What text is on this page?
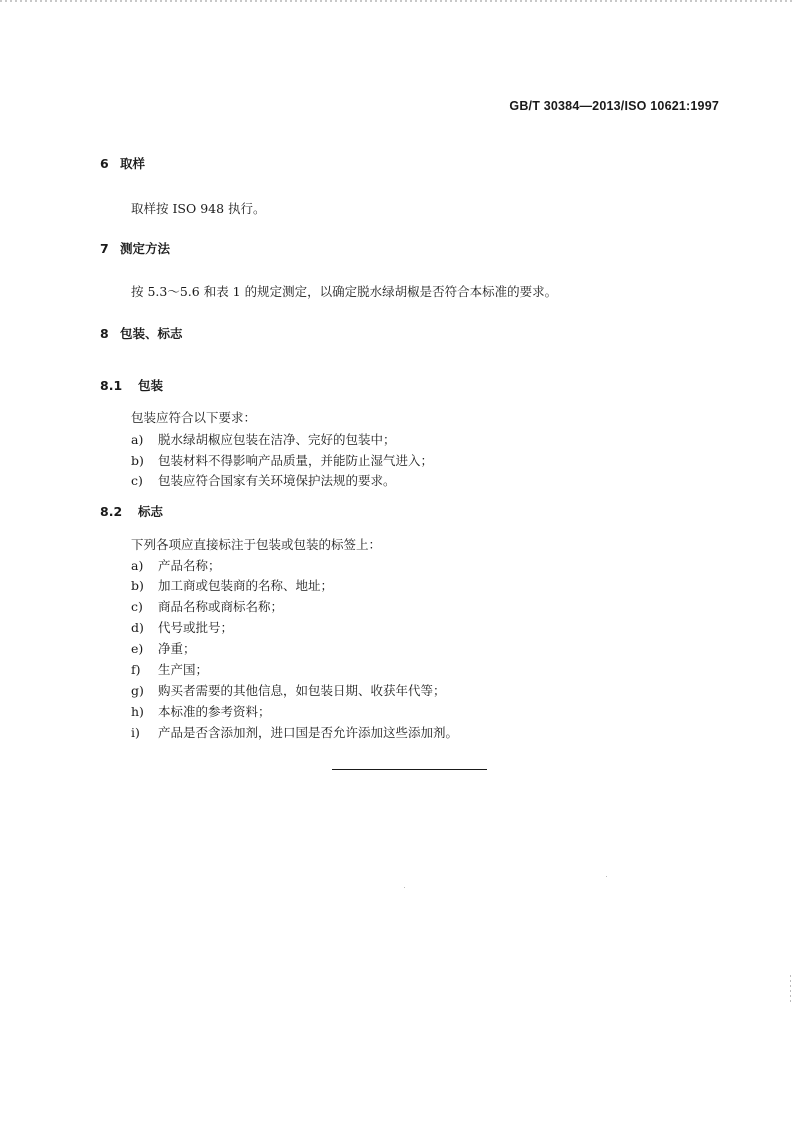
GB/T 30384—2013/ISO 10621:1997
6 取样
取样按 ISO 948 执行。
7 测定方法
按 5.3～5.6 和表 1 的规定测定，以确定脱水绿胡椒是否符合本标准的要求。
8 包装、标志
8.1 包装
包装应符合以下要求：
a) 脱水绿胡椒应包装在洁净、完好的包装中；
b) 包装材料不得影响产品质量，并能防止湿气进入；
c) 包装应符合国家有关环境保护法规的要求。
8.2 标志
下列各项应直接标注于包装或包装的标签上：
a) 产品名称；
b) 加工商或包装商的名称、地址；
c) 商品名称或商标名称；
d) 代号或批号；
e) 净重；
f) 生产国；
g) 购买者需要的其他信息，如包装日期、收获年代等；
h) 本标准的参考资料；
i) 产品是否含添加剂，进口国是否允许添加这些添加剂。
